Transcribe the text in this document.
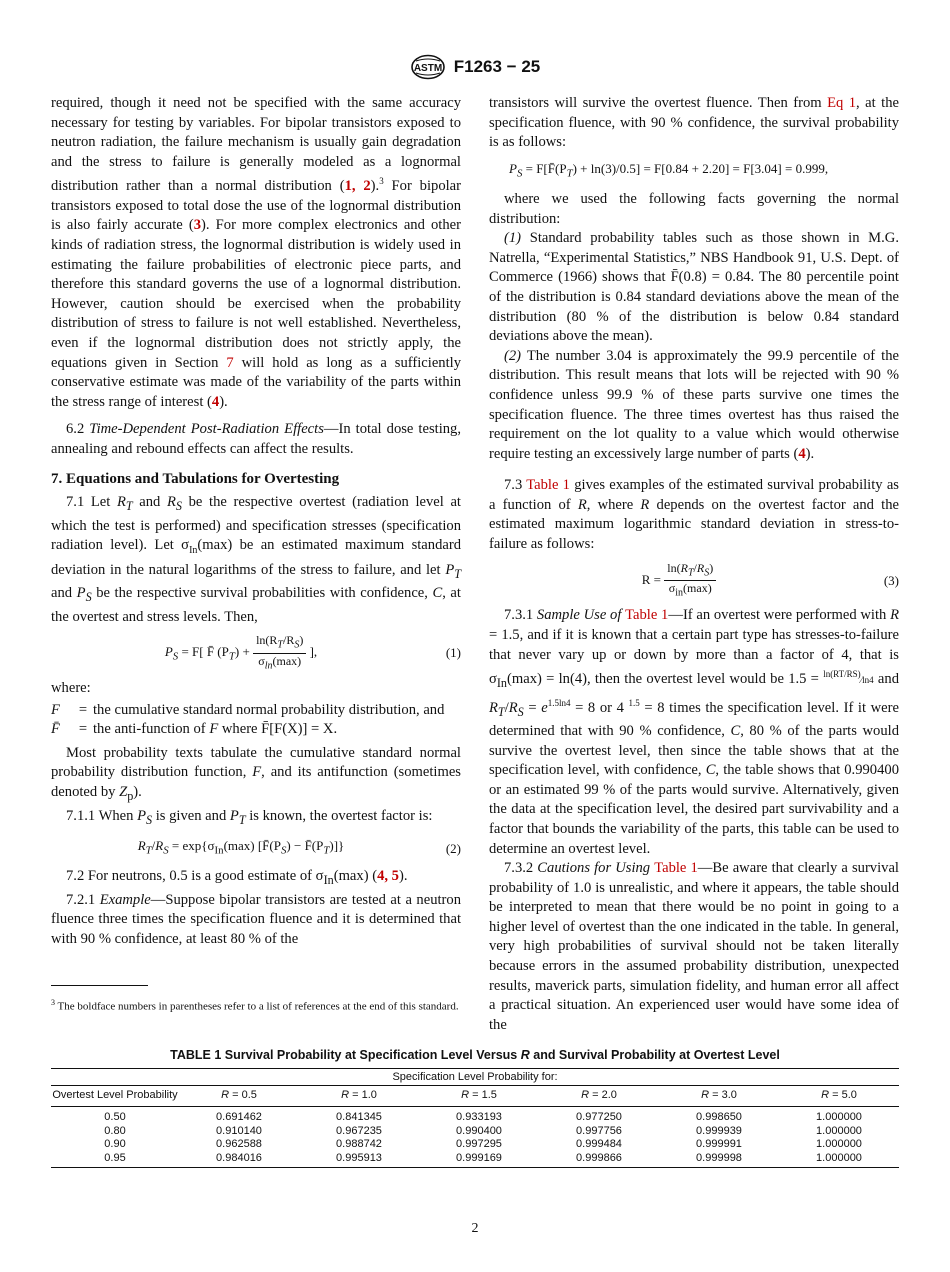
ASTM F1263 − 25

required, though it need not be specified with the same accuracy necessary for testing by variables. For bipolar transistors exposed to neutron radiation, the failure mechanism is usually gain degradation and the stress to failure is generally modeled as a lognormal distribution rather than a normal distribution (1, 2).$^3$ For bipolar transistors exposed to total dose the use of the lognormal distribution is also fairly accurate (3). For more complex electronics and other kinds of radiation stress, the lognormal distribution is widely used in estimating the failure probabilities of electronic piece parts, and therefore this standard governs the use of a lognormal distribution. However, caution should be exercised when the probability distribution of stress to failure is not well established. Nevertheless, even if the lognormal distribution does not strictly apply, the equations given in Section 7 will hold as long as a sufficiently conservative estimate was made of the variability of the parts within the stress range of interest (4).

6.2 Time-Dependent Post-Radiation Effects—In total dose testing, annealing and rebound effects can affect the results.

7. Equations and Tabulations for Overtesting

7.1 Let $R_T$ and $R_S$ be the respective overtest (radiation level at which the test is performed) and specification stresses (specification radiation level). Let $\sigma_{In}(\max)$ be an estimated maximum standard deviation in the natural logarithms of the stress to failure, and let $P_T$ and $P_S$ be the respective survival probabilities with confidence, C, at the overtest and stress levels. Then,

$P_S = F$[ F̄ $(P_T) + \frac{\ln(R_T/R_S)}{\sigma_{ln}(\max)}$ ],	(1)

where:

F	= the cumulative standard normal probability distribution, and
F̄	= the anti-function of F where F̄[F(X)] = X.

Most probability texts tabulate the cumulative standard normal probability distribution function, F, and its antifunction (sometimes denoted by $Z_p$).

7.1.1 When $P_S$ is given and $P_T$ is known, the overtest factor is:

$R_T/R_S = \exp\{\sigma_{In}(\max)$ [$F̄(P_S)$ − $F̄(P_T)$]}	(2)

7.2 For neutrons, 0.5 is a good estimate of $\sigma_{In}(\max)$ (4, 5).

7.2.1 Example—Suppose bipolar transistors are tested at a neutron fluence three times the specification fluence and it is determined that with 90 % confidence, at least 80 % of the

$^3$ The boldface numbers in parentheses refer to a list of references at the end of this standard.

transistors will survive the overtest fluence. Then from Eq 1, at the specification fluence, with 90 % confidence, the survival probability is as follows:

$P_S$ = $F[F̄(P_T) + \ln(3)/0.5] = F[0.84 + 2.20] = F[3.04] = 0.999$,

where we used the following facts governing the normal distribution:

(1) Standard probability tables such as those shown in M.G. Natrella, “Experimental Statistics,” NBS Handbook 91, U.S. Dept. of Commerce (1966) shows that F̄(0.8) = 0.84. The 80 percentile point of the distribution is 0.84 standard deviations above the mean of the distribution (80 % of the distribution is below 0.84 standard deviations above the mean).

(2) The number 3.04 is approximately the 99.9 percentile of the distribution. This result means that lots will be rejected with 90 % confidence unless 99.9 % of these parts survive one times the specification fluence. The three times overtest has thus raised the requirement on the lot quality to a value which would otherwise require testing an excessively large number of parts (4).

7.3 Table 1 gives examples of the estimated survival probability as a function of R, where R depends on the overtest factor and the estimated maximum logarithmic standard deviation in stress-to-failure as follows:

$R = \frac{\ln(R_T/R_S)}{\sigma_{in}(\max)}$	(3)

7.3.1 Sample Use of Table 1—If an overtest were performed with R = 1.5, and if it is known that a certain part type has stresses-to-failure that never vary up or down by more than a factor of 4, that is $\sigma_{In}(\max) = \ln(4)$, then the overtest level would be 1.5 = $^{ln(RT/RS)}$⁄ln4 and $R_T/R_S = e^{1.5ln4} = 8$ or 4 $^{1.5}$ = 8 times the specification level. If it were determined that with 90 % confidence, C, 80 % of the parts would survive the overtest level, then since the table shows that at the specification level, with confidence, C, the table shows that 0.990400 or an estimated 99 % of the parts would survive. Alternatively, given the data at the specification level, the desired part survivability and a factor that bounds the variability of the parts, this table can be used to determine an overtest level.

7.3.2 Cautions for Using Table 1—Be aware that clearly a survival probability of 1.0 is unrealistic, and where it appears, the table should be interpreted to mean that there would be no point in going to a higher level of overtest than the one indicated in the table. In general, very high probabilities of survival should not be taken literally because errors in the assumed probability distribution, unexpected results, maverick parts, simulation fidelity, and human error all affect a practical situation. An experienced user would have some idea of the

TABLE 1 Survival Probability at Specification Level Versus R and Survival Probability at Overtest Level
Specification Level Probability for:						
Overtest Level Probability	R = 0.5	R = 1.0	R = 1.5	R = 2.0	R = 3.0	R = 5.0
0.50	0.691462	0.841345	0.933193	0.977250	0.998650	1.000000
0.80	0.910140	0.967235	0.990400	0.997756	0.999939	1.000000
0.90	0.962588	0.988742	0.997295	0.999484	0.999991	1.000000
0.95	0.984016	0.995913	0.999169	0.999866	0.999998	1.000000
2
